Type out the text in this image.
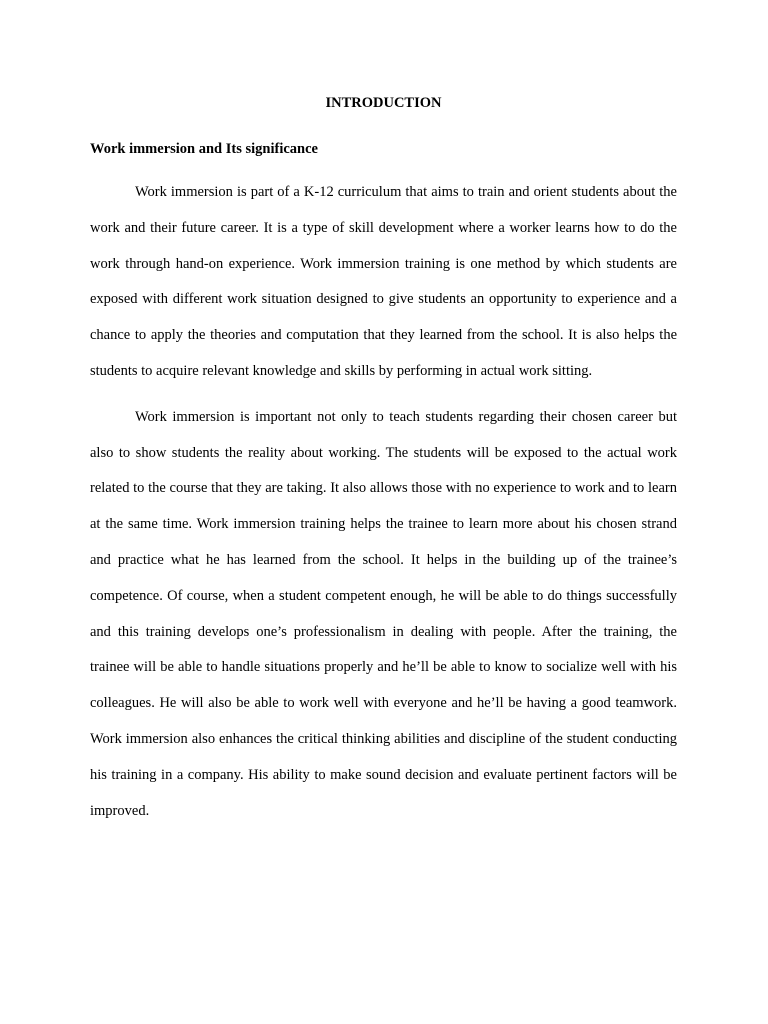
INTRODUCTION
Work immersion and Its significance

Work immersion is part of a K-12 curriculum that aims to train and orient students about the work and their future career. It is a type of skill development where a worker learns how to do the work through hand-on experience. Work immersion training is one method by which students are exposed with different work situation designed to give students an opportunity to experience and a chance to apply the theories and computation that they learned from the school. It is also helps the students to acquire relevant knowledge and skills by performing in actual work sitting.

Work immersion is important not only to teach students regarding their chosen career but also to show students the reality about working. The students will be exposed to the actual work related to the course that they are taking. It also allows those with no experience to work and to learn at the same time. Work immersion training helps the trainee to learn more about his chosen strand and practice what he has learned from the school. It helps in the building up of the trainee’s competence. Of course, when a student competent enough, he will be able to do things successfully and this training develops one’s professionalism in dealing with people. After the training, the trainee will be able to handle situations properly and he’ll be able to know to socialize well with his colleagues. He will also be able to work well with everyone and he’ll be having a good teamwork. Work immersion also enhances the critical thinking abilities and discipline of the student conducting his training in a company. His ability to make sound decision and evaluate pertinent factors will be improved.
